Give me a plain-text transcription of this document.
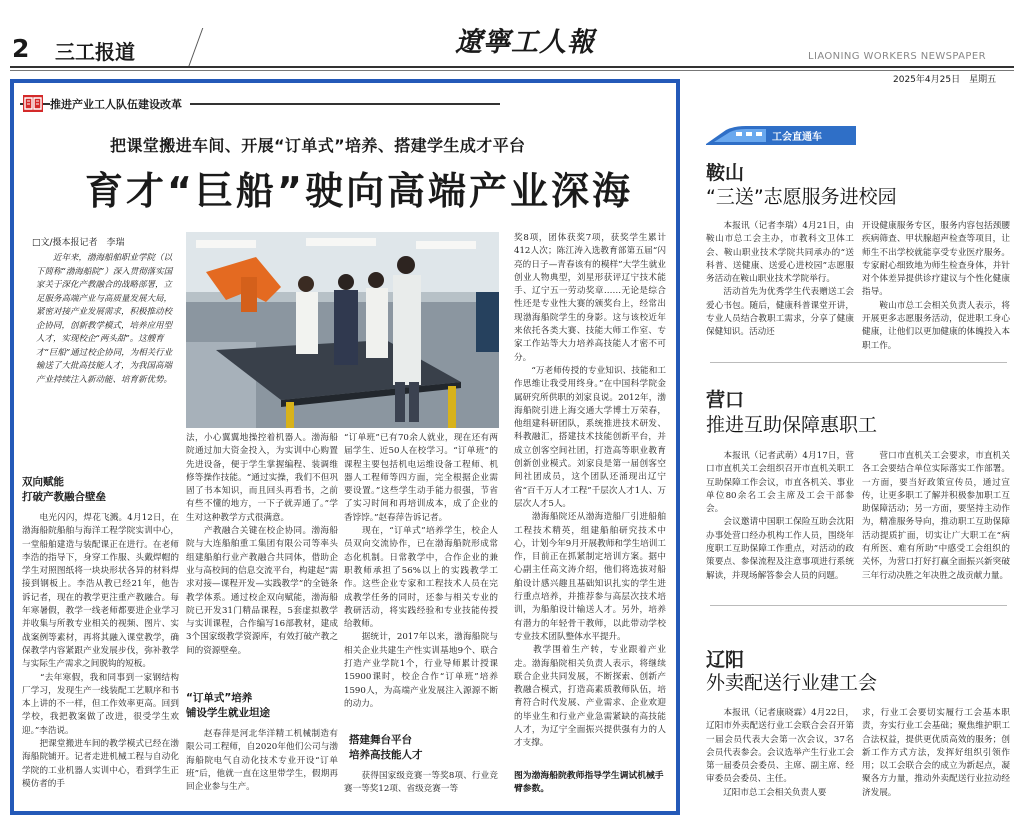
2 三工报道	遼寧工人報	LIAONING WORKERS NEWSPAPER
2025年4月25日　星期五
推进产业工人队伍建设改革
把课堂搬进车间、开展“订单式”培养、搭建学生成才平台
育才“巨船”驶向高端产业深海
□文/摄本报记者　李瑞
　　近年来，渤海船舶职业学院（以下简称“渤海船院”）深入贯彻落实国家关于深化产教融合的战略部署，立足服务高端产业与高质量发展大局，紧密对接产业发展需求，积极推动校企协同，创新教学模式，培养应用型人才，实现校企“两头甜”。这艘育才“巨船”通过校企协同，为相关行业输送了大批高技能人才，为我国高端产业持续注入新动能、培育新优势。
双向赋能
打破产教融合壁垒
　　电光闪闪，焊花飞溅。4月12日，在渤海船院船舶与海洋工程学院实训中心，一堂船舶建造与装配课正在进行。在老师李浩的指导下，身穿工作服、头戴焊帽的学生对照图纸将一块块形状各异的材料焊接到钢板上。李浩从教已经21年，他告诉记者，现在的教学更注重产教融合。每年寒暑假，教学一线老师都要进企业学习并收集与所教专业相关的视频、图片、实战案例等素材，再将其融入课堂教学，确保教学内容紧跟产业发展步伐，弥补教学与实际生产需求之间脱钩的短板。
　　“去年寒假，我和同事到一家钢结构厂学习，发现生产一线装配工艺顺序和书本上讲的不一样，但工作效率更高。回到学校，我把教案做了改进，很受学生欢迎。”李浩说。
　　把课堂搬进车间的教学模式已经在渤海船院铺开。记者走进机械工程与自动化学院的工业机器人实训中心，看到学生正模仿者的手
法，小心翼翼地操控着机器人。渤海船院通过加大资金投入，为实训中心购置先进设备，便于学生掌握编程、装调维修等操作技能。“通过实操，我们不但巩固了书本知识，而且回头再看书，之前有些不懂的地方，一下子就弄通了。”学生对这种教学方式很满意。
　　产教融合关键在校企协同。渤海船院与大连船舶重工集团有限公司等率头组建船舶行业产教融合共同体，借助企业与高校间的信息交流平台，构建起“需求对接—课程开发—实践教学”的全链条教学体系。通过校企双向赋能，渤海船院已开发31门精品课程，5套虚拟教学与实训课程，合作编写16部教材，建成3个国家级教学资源库，有效打破产教之间的资源壁垒。
“订单式”培养
铺设学生就业坦途
　　赵春萍是河北华洋精工机械制造有限公司工程师，自2020年他们公司与渤海船院电气自动化技术专业开设“订单班”后，他就一直在这里带学生，假期再回企业参与生产。
“订单班”已有70余人就业，现在还有两届学生、近50人在校学习。“订单班”的课程主要包括机电运维设备工程师、机器人工程师等四方面，完全根据企业需要设置。”这些学生动手能力很强，节省了实习时间和再培训成本，成了企业的香饽饽。”赵春萍告诉记者。
　　现在，“订单式”培养学生，校企人员双向交流协作，已在渤海船院形成常态化机制。日常教学中，合作企业的兼职教师承担了56%以上的实践教学工作。这些企业专家和工程技术人员在完成教学任务的同时，还参与相关专业的教研活动，将实践经验和专业技能传授给教师。
　　据统计，2017年以来，渤海船院与相关企业共建生产性实训基地9个、联合打造产业学院1个，行业导师累计授课15900课时，校企合作“订单班”培养1590人，为高端产业发展注入源源不断的动力。
搭建舞台平台
培养高技能人才
　　获得国家级竞赛一等奖8项、行业竞赛一等奖12项、省级竞赛一等
奖8项，团体获奖7项，获奖学生累计412人次；陈江涛入选教育部第五届“闪亮的日子—青春该有的模样”大学生就业创业人物典型，刘星形获评辽宁技术能手、辽宁五一劳动奖章……无论是综合性还是专业性大赛的颁奖台上，经常出现渤海船院学生的身影。这与该校近年来依托各类大赛、技能大师工作室、专家工作站等大力培养高技能人才密不可分。
　　“万老师传授的专业知识、技能和工作思维让我受用终身。”在中国科学院金属研究所供职的刘家良说。2012年，渤海船院引进上海交通大学博士万荣春，他组建科研团队，系统推进技术研发、科教融汇，搭建技术技能创新平台，并成立创客空间社团，打造高等职业教育创新创业模式。刘家良是第一届创客空间社团成员，这个团队还涌现出辽宁省“百千万人才工程”千层次人才1人、万层次人才5人。
　　渤海船院还从渤海造船厂引进船舶工程技术精英，组建船舶研究技术中心，计划今年9月开展教师和学生培训工作，目前正在抓紧制定培训方案。据中心副主任高文涛介绍，他们将选拔对船舶设计感兴趣且基础知识扎实的学生进行重点培养，并推荐参与高层次技术培训，为船舶设计输送人才。另外，培养有潜力的年轻骨干教师，以此带动学校专业技术团队整体水平提升。
　　教学围着生产转，专业跟着产业走。渤海船院相关负责人表示，将继续联合企业共同发展，不断探索、创新产教融合模式，打造高素质教师队伍，培育符合时代发展、产业需求、企业欢迎的毕业生和行业产业急需紧缺的高技能人才，为辽宁全面振兴提供强有力的人才支撑。
图为渤海船院教师指导学生调试机械手臂参数。
工会直通车
鞍山
“三送”志愿服务进校园
　　本报讯（记者李瑞）4月21日，由鞍山市总工会主办，市教科文卫体工会、鞍山职业技术学院共同承办的“送科普、送健康、送爱心进校园”志愿服务活动在鞍山职业技术学院举行。
　　活动首先为优秀学生代表赠送工会爱心书包。随后，健康科普课堂开讲，专业人员结合教职工需求，分享了健康保健知识。活动还
开设健康服务专区，服务内容包括颈腰疾病筛查、甲状腺超声检查等项目，让师生不出学校就能享受专业医疗服务。专家耐心细致地为师生检查身体，并针对个体差异提供诊疗建议与个性化健康指导。
　　鞍山市总工会相关负责人表示，将开展更多志愿服务活动，促进职工身心健康，让他们以更加健康的体魄投入本职工作。
营口
推进互助保障惠职工
　　本报讯（记者武萌）4月17日，营口市直机关工会组织召开市直机关职工互助保障工作会议，市直各机关、事业单位80余名工会主席及工会干部参会。
　　会议邀请中国职工保险互助会沈阳办事处营口经办机构工作人员，围绕年度职工互助保障工作重点，对活动的政策要点、参保流程及注意事项进行系统解读，并现场解答参会人员的问题。
　　营口市直机关工会要求，市直机关各工会要结合单位实际落实工作部署。一方面，要当好政策宣传员，通过宣传，让更多职工了解并积极参加职工互助保障活动；另一方面，要坚持主动作为，精准服务导向，推动职工互助保障活动提质扩面，切实让广大职工在“病有所医、难有所助”中感受工会组织的关怀，为营口打好打赢全面振兴新突破三年行动决胜之年决胜之战贡献力量。
辽阳
外卖配送行业建工会
　　本报讯（记者康晓霖）4月22日，辽阳市外卖配送行业工会联合会召开第一届会员代表大会第一次会议，37名会员代表参会。会议选举产生行业工会第一届委员会委员、主席、副主席、经审委员会委员、主任。
　　辽阳市总工会相关负责人要
求，行业工会要切实履行工会基本职责，夯实行业工会基础；聚焦维护职工合法权益，提供更优质高效的服务；创新工作方式方法，发挥好组织引领作用；以工会联合会的成立为新起点，凝聚各方力量，推动外卖配送行业拉动经济发展。
